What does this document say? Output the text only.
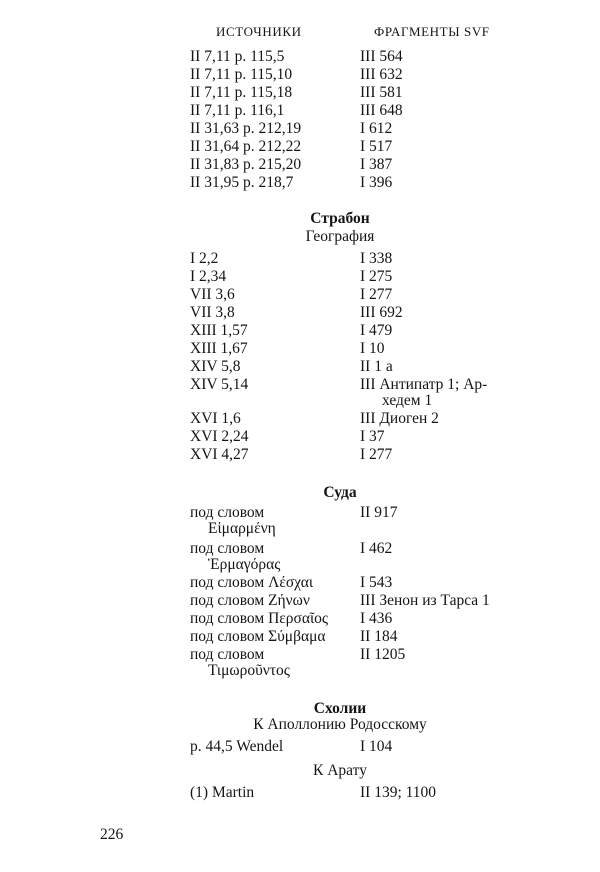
ИСТОЧНИКИ	ФРАГМЕНТЫ SVF
II 7,11 p. 115,5	III 564
II 7,11 p. 115,10	III 632
II 7,11 p. 115,18	III 581
II 7,11 p. 116,1	III 648
II 31,63 p. 212,19	I 612
II 31,64 p. 212,22	I 517
II 31,83 p. 215,20	I 387
II 31,95 p. 218,7	I 396
Страбон
География
I 2,2	I 338
I 2,34	I 275
VII 3,6	I 277
VII 3,8	III 692
XIII 1,57	I 479
XIII 1,67	I 10
XIV 5,8	II 1 a
XIV 5,14	III Антипатр 1; Ар-
хедем 1
XVI 1,6	III Диоген 2
XVI 2,24	I 37
XVI 4,27	I 277
Суда
под словом	II 917
Εἱμαρμένη
под словом	I 462
Ἑρμαγόρας
под словом Λέσχαι	I 543
под словом Ζήνων	III Зенон из Тарса 1
под словом Περσαῖος I 436
под словом Σύμβαμα II 184
под словом	II 1205
Τιμωροῦντος
Схолии
К Аполлонию Родосскому
p. 44,5 Wendel	I 104
К Арату
(1) Martin	II 139; 1100
226
